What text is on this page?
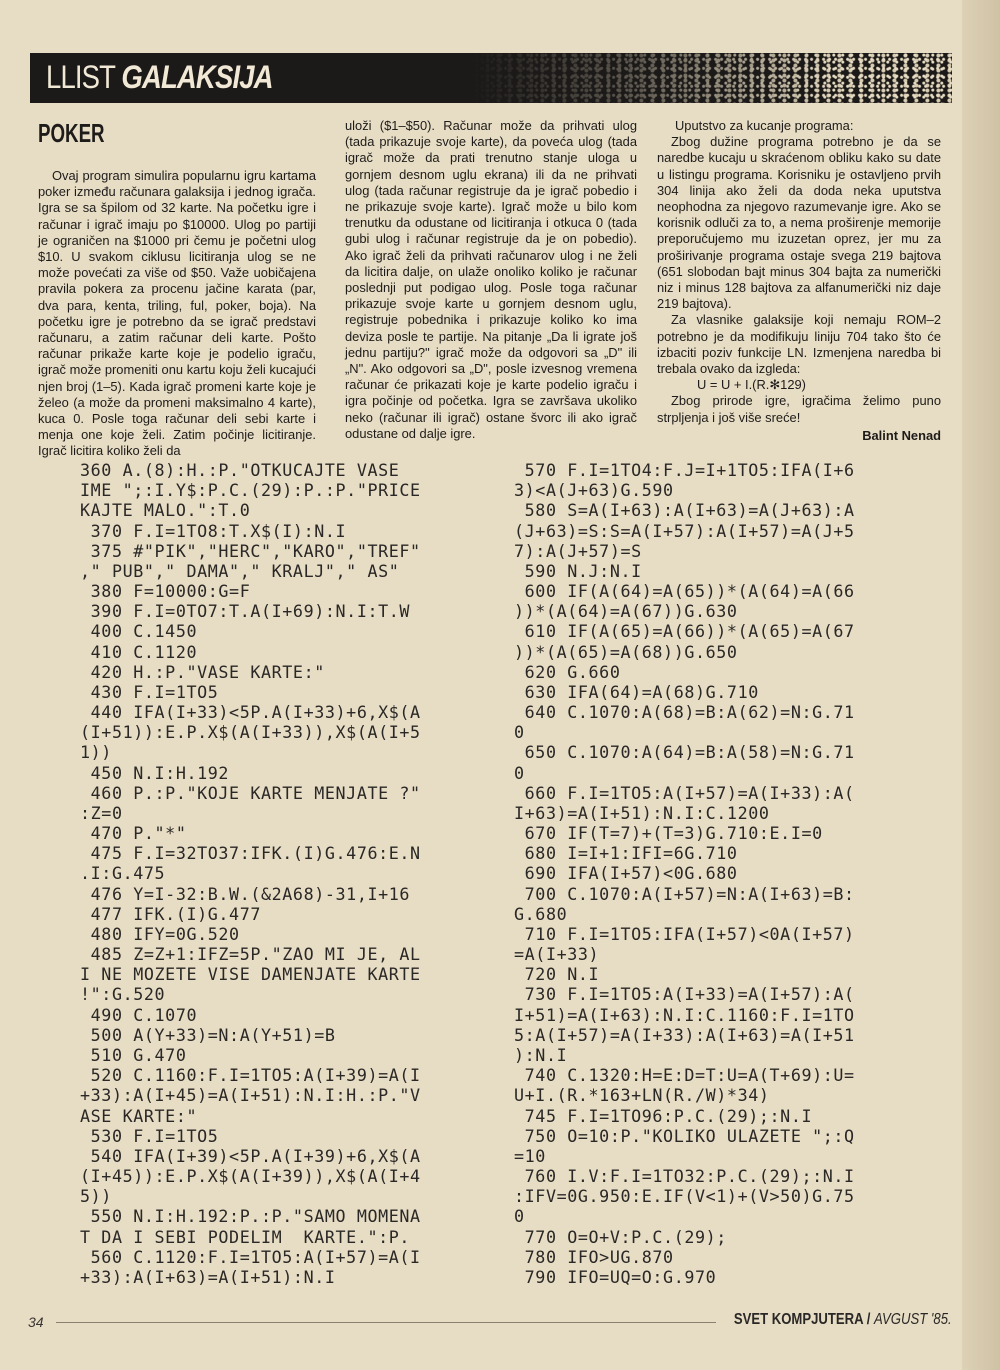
LLIST GALAKSIJA
POKER

Ovaj program simulira popularnu igru kartama poker između računara galaksija i jednog igrača. Igra se sa špilom od 32 karte. Na početku igre i računar i igrač imaju po $10000. Ulog po partiji je ograničen na $1000 pri čemu je početni ulog $10. U svakom ciklusu licitiranja ulog se ne može povećati za više od $50. Važe uobičajena pravila pokera za procenu jačine karata (par, dva para, kenta, triling, ful, poker, boja). Na početku igre je potrebno da se igrač predstavi računaru, a zatim računar deli karte. Pošto računar prikaže karte koje je podelio igraču, igrač može promeniti onu kartu koju želi kucajući njen broj (1–5). Kada igrač promeni karte koje je želeo (a može da promeni maksimalno 4 karte), kuca 0. Posle toga računar deli sebi karte i menja one koje želi. Zatim počinje licitiranje. Igrač licitira koliko želi da

uloži ($1–$50). Računar može da prihvati ulog (tada prikazuje svoje karte), da poveća ulog (tada igrač može da prati trenutno stanje uloga u gornjem desnom uglu ekrana) ili da ne prihvati ulog (tada računar registruje da je igrač pobedio i ne prikazuje svoje karte). Igrač može u bilo kom trenutku da odustane od licitiranja i otkuca 0 (tada gubi ulog i računar registruje da je on pobedio). Ako igrač želi da prihvati računarov ulog i ne želi da licitira dalje, on ulaže onoliko koliko je računar poslednji put podigao ulog. Posle toga računar prikazuje svoje karte u gornjem desnom uglu, registruje pobednika i prikazuje koliko ko ima deviza posle te partije. Na pitanje „Da li igrate još jednu partiju?" igrač može da odgovori sa „D" ili „N". Ako odgovori sa „D", posle izvesnog vremena računar će prikazati koje je karte podelio igraču i igra počinje od početka. Igra se završava ukoliko neko (računar ili igrač) ostane švorc ili ako igrač odustane od dalje igre.

Uputstvo za kucanje programa:

Zbog dužine programa potrebno je da se naredbe kucaju u skraćenom obliku kako su date u listingu programa. Korisniku je ostavljeno prvih 304 linija ako želi da doda neka uputstva neophodna za njegovo razumevanje igre. Ako se korisnik odluči za to, a nema proširenje memorije preporučujemo mu izuzetan oprez, jer mu za proširivanje programa ostaje svega 219 bajtova (651 slobodan bajt minus 304 bajta za numerički niz i minus 128 bajtova za alfanumerički niz daje 219 bajtova).

Za vlasnike galaksije koji nemaju ROM–2 potrebno je da modifikuju liniju 704 tako što će izbaciti poziv funkcije LN. Izmenjena naredba bi trebala ovako da izgleda:

U = U + I.(R.✻129)

Zbog prirode igre, igračima želimo puno strpljenja i još više sreće!

Balint Nenad
360 A.(8):H.:P."OTKUCAJTE VASE
IME ";:I.Y$:P.C.(29):P.:P."PRICE
KAJTE MALO.":T.0
370 F.I=1TO8:T.X$(I):N.I
375 #"PIK","HERC","KARO","TREF"
," PUB"," DAMA"," KRALJ"," AS"
380 F=10000:G=F
390 F.I=0TO7:T.A(I+69):N.I:T.W
400 C.1450
410 C.1120
420 H.:P."VASE KARTE:"
430 F.I=1TO5
440 IFA(I+33)<5P.A(I+33)+6,X$(A
(I+51)):E.P.X$(A(I+33)),X$(A(I+5
1))
450 N.I:H.192
460 P.:P."KOJE KARTE MENJATE ?"
:Z=0
470 P."*"
475 F.I=32TO37:IFK.(I)G.476:E.N
.I:G.475
476 Y=I-32:B.W.(&2A68)-31,I+16
477 IFK.(I)G.477
480 IFY=0G.520
485 Z=Z+1:IFZ=5P."ZAO MI JE, AL
I NE MOZETE VISE DAMENJATE KARTE
!":G.520
490 C.1070
500 A(Y+33)=N:A(Y+51)=B
510 G.470
520 C.1160:F.I=1TO5:A(I+39)=A(I
+33):A(I+45)=A(I+51):N.I:H.:P."V
ASE KARTE:"
530 F.I=1TO5
540 IFA(I+39)<5P.A(I+39)+6,X$(A
(I+45)):E.P.X$(A(I+39)),X$(A(I+4
5))
550 N.I:H.192:P.:P."SAMO MOMENA
T DA I SEBI PODELIM  KARTE.":P.
560 C.1120:F.I=1TO5:A(I+57)=A(I
+33):A(I+63)=A(I+51):N.I
570 F.I=1TO4:F.J=I+1TO5:IFA(I+6
3)<A(J+63)G.590
580 S=A(I+63):A(I+63)=A(J+63):A
(J+63)=S:S=A(I+57):A(I+57)=A(J+5
7):A(J+57)=S
590 N.J:N.I
600 IF(A(64)=A(65))*(A(64)=A(66
))*(A(64)=A(67))G.630
610 IF(A(65)=A(66))*(A(65)=A(67
))*(A(65)=A(68))G.650
620 G.660
630 IFA(64)=A(68)G.710
640 C.1070:A(68)=B:A(62)=N:G.71
0
650 C.1070:A(64)=B:A(58)=N:G.71
0
660 F.I=1TO5:A(I+57)=A(I+33):A(
I+63)=A(I+51):N.I:C.1200
670 IF(T=7)+(T=3)G.710:E.I=0
680 I=I+1:IFI=6G.710
690 IFA(I+57)<0G.680
700 C.1070:A(I+57)=N:A(I+63)=B:
G.680
710 F.I=1TO5:IFA(I+57)<0A(I+57)
=A(I+33)
720 N.I
730 F.I=1TO5:A(I+33)=A(I+57):A(
I+51)=A(I+63):N.I:C.1160:F.I=1TO
5:A(I+57)=A(I+33):A(I+63)=A(I+51
):N.I
740 C.1320:H=E:D=T:U=A(T+69):U=
U+I.(R.*163+LN(R./W)*34)
745 F.I=1TO96:P.C.(29);:N.I
750 O=10:P."KOLIKO ULAZETE ";:Q
=10
760 I.V:F.I=1TO32:P.C.(29);:N.I
:IFV=0G.950:E.IF(V<1)+(V>50)G.75
0
770 O=O+V:P.C.(29);
780 IFO>UG.870
790 IFO=UQ=O:G.970
34	SVET KOMPJUTERA / AVGUST '85.
